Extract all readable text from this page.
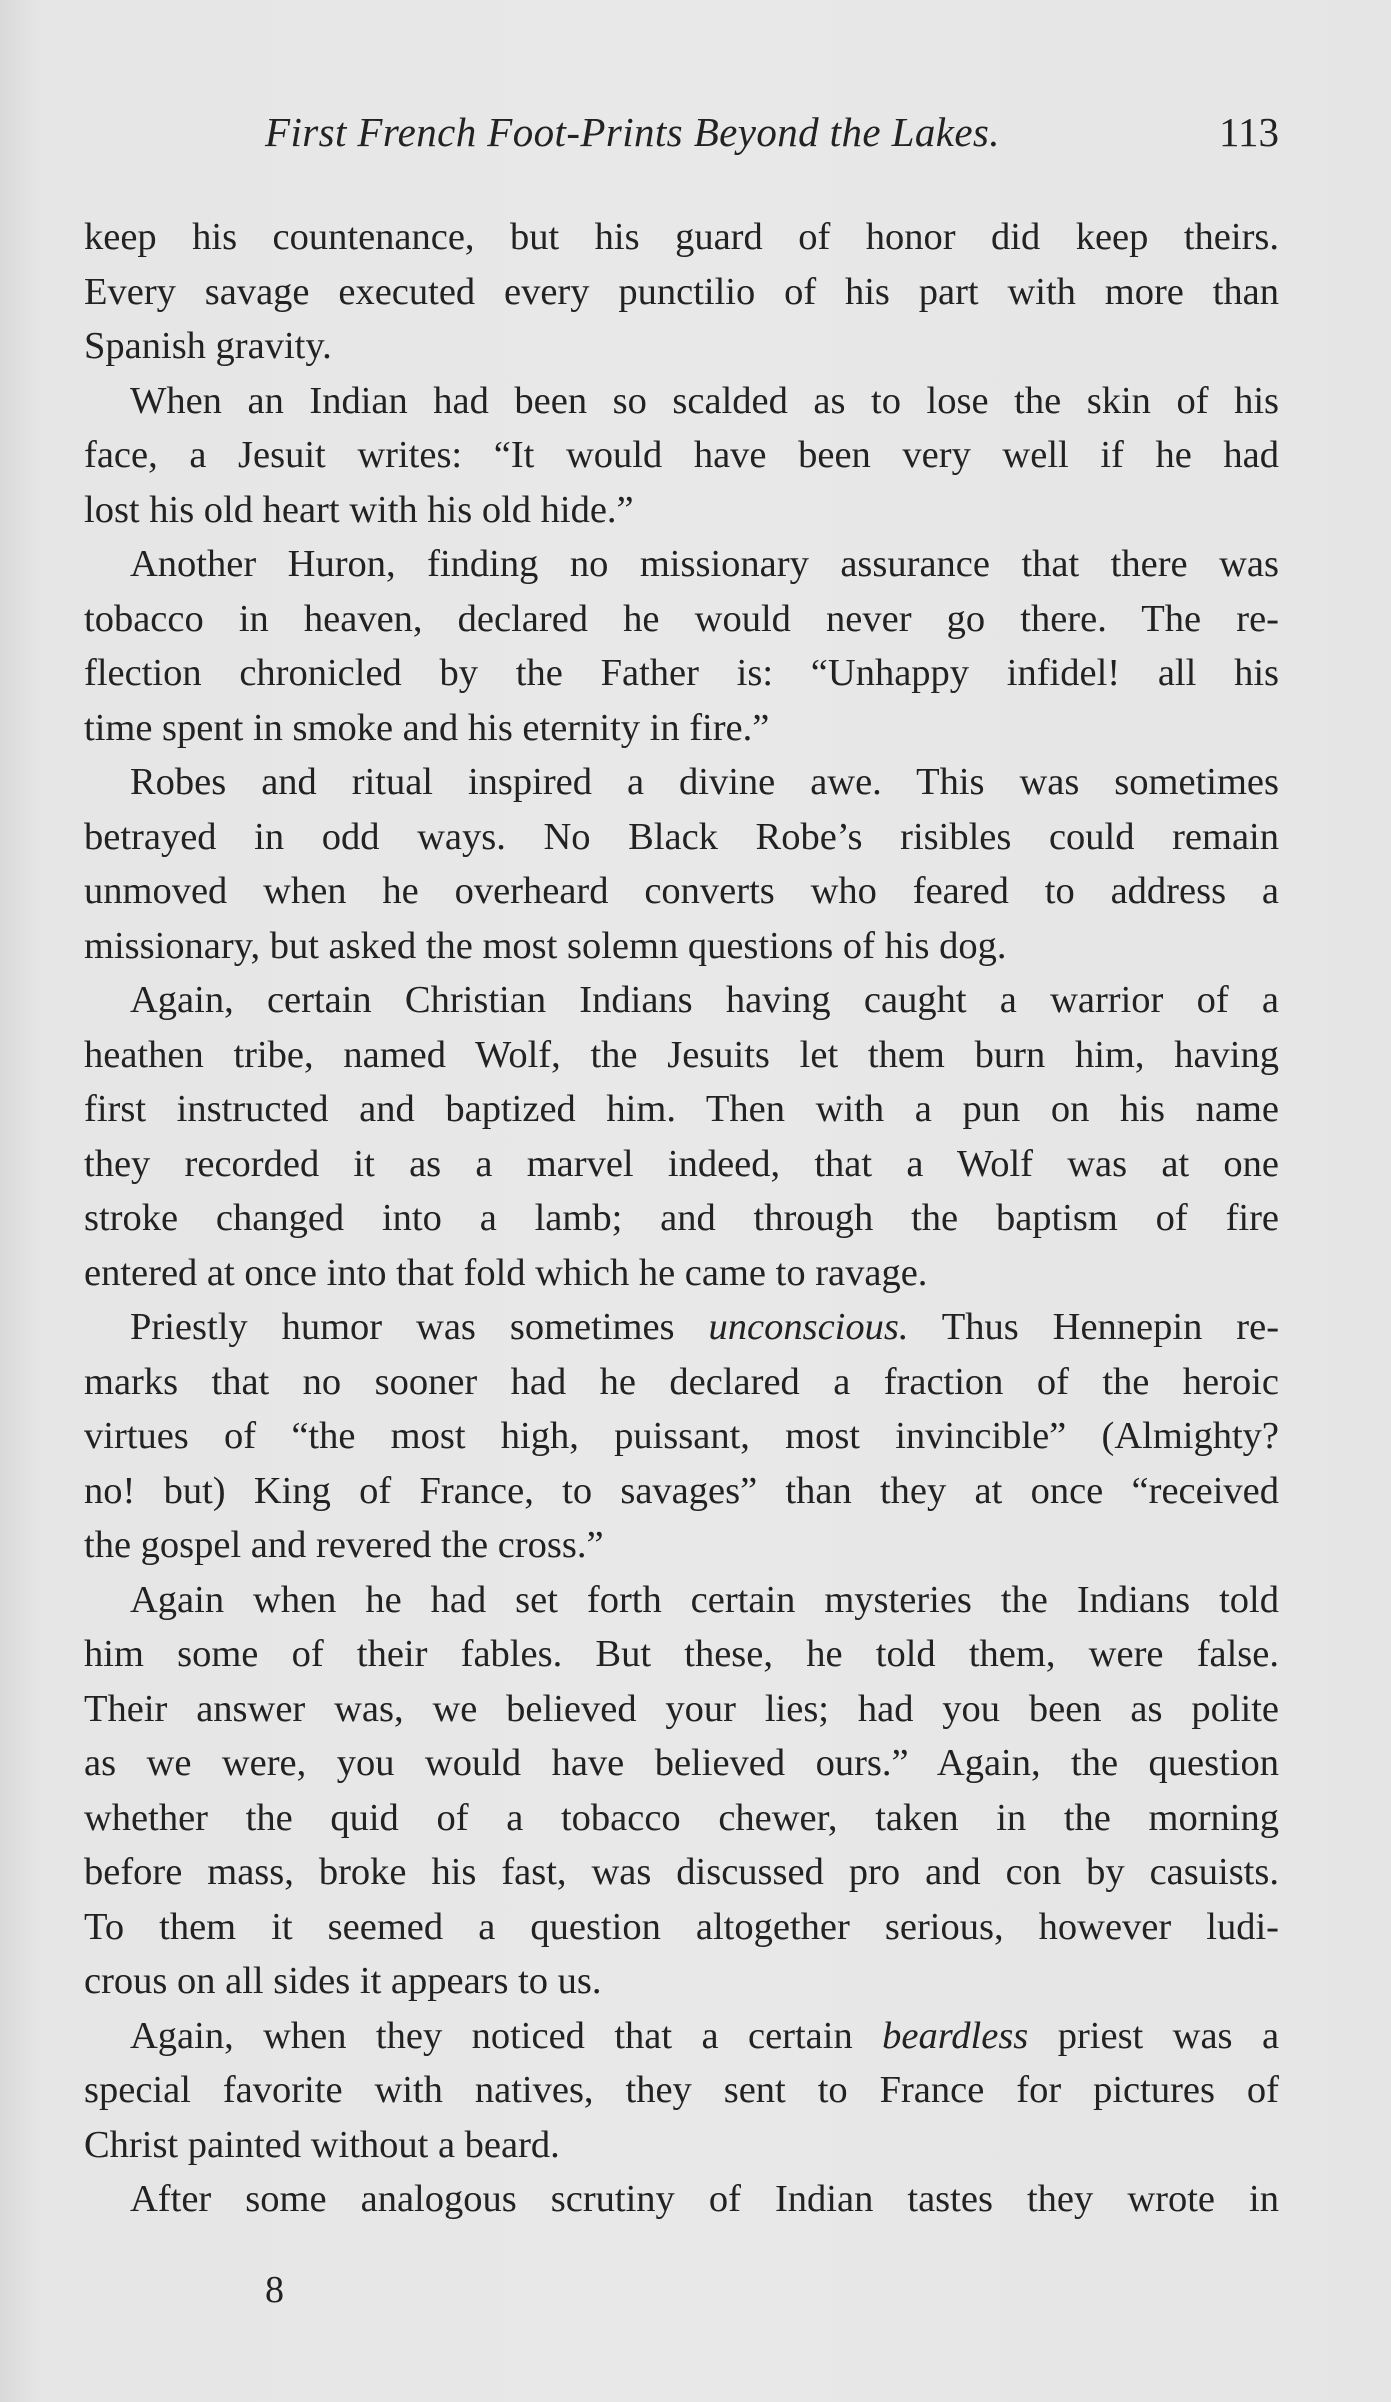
First French Foot-Prints Beyond the Lakes.	113
keep his countenance, but his guard of honor did keep theirs.
Every savage executed every punctilio of his part with more than
Spanish gravity.
When an Indian had been so scalded as to lose the skin of his
face, a Jesuit writes: “It would have been very well if he had
lost his old heart with his old hide.”
Another Huron, finding no missionary assurance that there was
tobacco in heaven, declared he would never go there. The re-
flection chronicled by the Father is: “Unhappy infidel! all his
time spent in smoke and his eternity in fire.”
Robes and ritual inspired a divine awe. This was sometimes
betrayed in odd ways. No Black Robe’s risibles could remain
unmoved when he overheard converts who feared to address a
missionary, but asked the most solemn questions of his dog.
Again, certain Christian Indians having caught a warrior of a
heathen tribe, named Wolf, the Jesuits let them burn him, having
first instructed and baptized him. Then with a pun on his name
they recorded it as a marvel indeed, that a Wolf was at one
stroke changed into a lamb; and through the baptism of fire
entered at once into that fold which he came to ravage.
Priestly humor was sometimes unconscious. Thus Hennepin re-
marks that no sooner had he declared a fraction of the heroic
virtues of “the most high, puissant, most invincible” (Almighty?
no! but) King of France, to savages” than they at once “received
the gospel and revered the cross.”
Again when he had set forth certain mysteries the Indians told
him some of their fables. But these, he told them, were false.
Their answer was, we believed your lies; had you been as polite
as we were, you would have believed ours.” Again, the question
whether the quid of a tobacco chewer, taken in the morning
before mass, broke his fast, was discussed pro and con by casuists.
To them it seemed a question altogether serious, however ludi-
crous on all sides it appears to us.
Again, when they noticed that a certain beardless priest was a
special favorite with natives, they sent to France for pictures of
Christ painted without a beard.
After some analogous scrutiny of Indian tastes they wrote in
8
